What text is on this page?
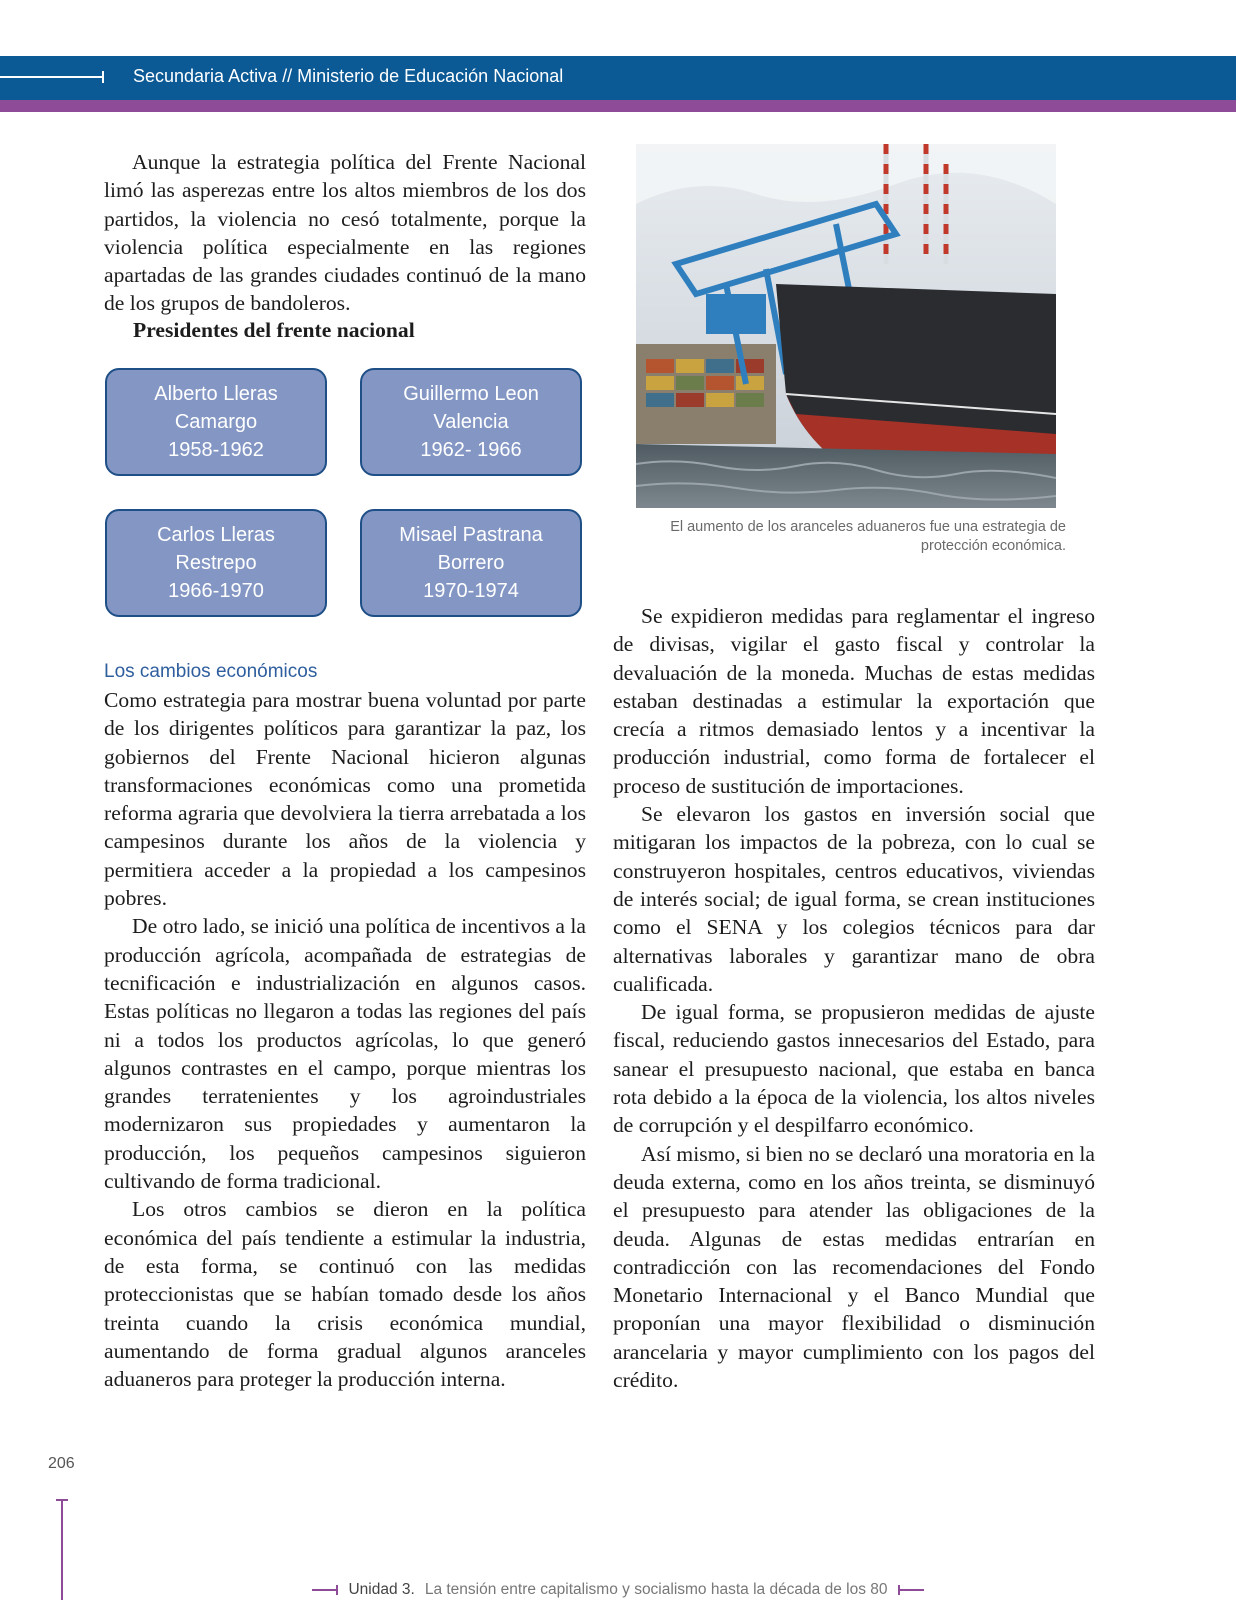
Secundaria Activa // Ministerio de Educación Nacional

Aunque la estrategia política del Frente Nacional limó las asperezas entre los altos miembros de los dos partidos, la violencia no cesó totalmente, porque la violencia política especialmente en las regiones apartadas de las grandes ciudades continuó de la mano de los grupos de bandoleros.

Presidentes del frente nacional

Alberto Lleras
Camargo
1958-1962
Guillermo Leon
Valencia
1962- 1966
Carlos Lleras
Restrepo
1966-1970
Misael Pastrana
Borrero
1970-1974

Los cambios económicos

Como estrategia para mostrar buena voluntad por parte de los dirigentes políticos para garantizar la paz, los gobiernos del Frente Nacional hicieron algunas transformaciones económicas como una prometida reforma agraria que devolviera la tierra arrebatada a los campesinos durante los años de la violencia y permitiera acceder a la propiedad a los campesinos pobres.

De otro lado, se inició una política de incentivos a la producción agrícola, acompañada de estrategias de tecnificación e industrialización en algunos casos. Estas políticas no llegaron a todas las regiones del país ni a todos los productos agrícolas, lo que generó algunos contrastes en el campo, porque mientras los grandes terratenientes y los agroindustriales modernizaron sus propiedades y aumentaron la producción, los pequeños campesinos siguieron cultivando de forma tradicional.

Los otros cambios se dieron en la política económica del país tendiente a estimular la industria, de esta forma, se continuó con las medidas proteccionistas que se habían tomado desde los años treinta cuando la crisis económica mundial, aumentando de forma gradual algunos aranceles aduaneros para proteger la producción interna.

El aumento de los aranceles aduaneros fue una estrategia de protección económica.

Se expidieron medidas para reglamentar el ingreso de divisas, vigilar el gasto fiscal y controlar la devaluación de la moneda. Muchas de estas medidas estaban destinadas a estimular la exportación que crecía a ritmos demasiado lentos y a incentivar la producción industrial, como forma de fortalecer el proceso de sustitución de importaciones.

Se elevaron los gastos en inversión social que mitigaran los impactos de la pobreza, con lo cual se construyeron hospitales, centros educativos, viviendas de interés social; de igual forma, se crean instituciones como el SENA y los colegios técnicos para dar alternativas laborales y garantizar mano de obra cualificada.

De igual forma, se propusieron medidas de ajuste fiscal, reduciendo gastos innecesarios del Estado, para sanear el presupuesto nacional, que estaba en banca rota debido a la época de la violencia, los altos niveles de corrupción y el despilfarro económico.

Así mismo, si bien no se declaró una moratoria en la deuda externa, como en los años treinta, se disminuyó el presupuesto para atender las obligaciones de la deuda. Algunas de estas medidas entrarían en contradicción con las recomendaciones del Fondo Monetario Internacional y el Banco Mundial que proponían una mayor flexibilidad o disminución arancelaria y mayor cumplimiento con los pagos del crédito.

206
Unidad 3. La tensión entre capitalismo y socialismo hasta la década de los 80
